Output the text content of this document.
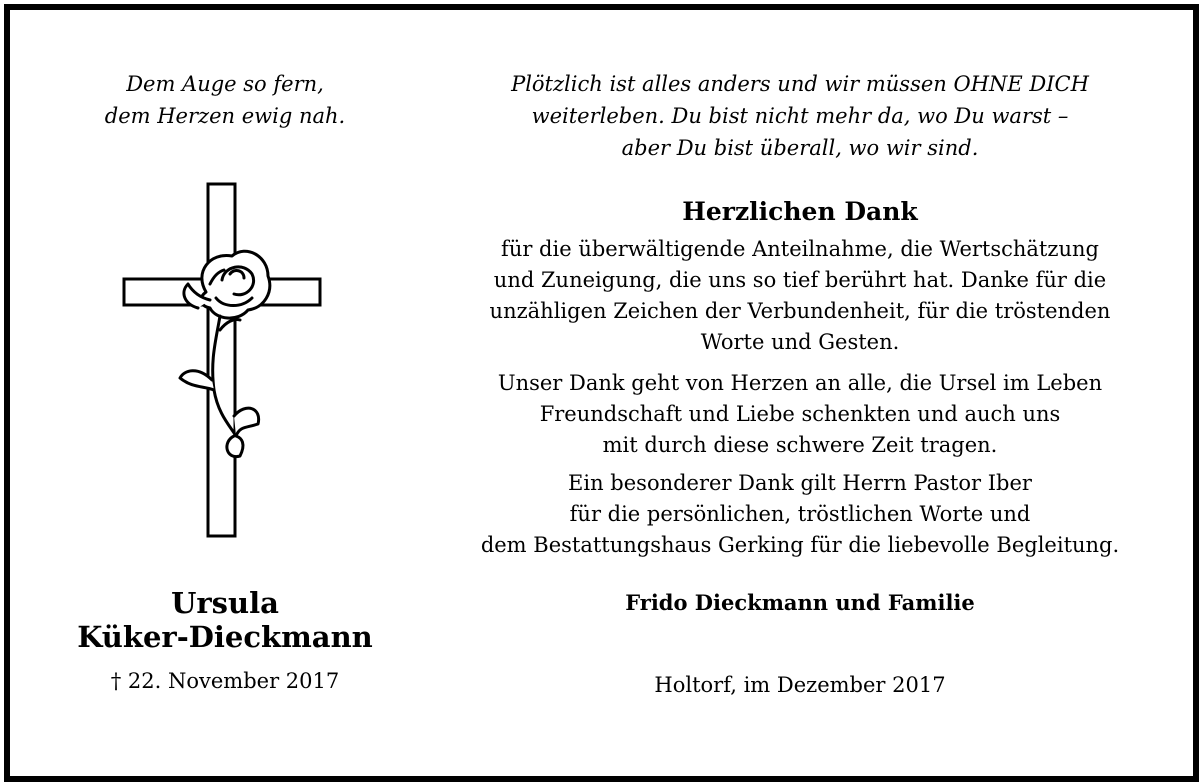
Dem Auge so fern,
dem Herzen ewig nah.
Ursula
Küker-Dieckmann
† 22. November 2017
Plötzlich ist alles anders und wir müssen OHNE DICH
weiterleben. Du bist nicht mehr da, wo Du warst –
aber Du bist überall, wo wir sind.
Herzlichen Dank
für die überwältigende Anteilnahme, die Wertschätzung
und Zuneigung, die uns so tief berührt hat. Danke für die
unzähligen Zeichen der Verbundenheit, für die tröstenden
Worte und Gesten.
Unser Dank geht von Herzen an alle, die Ursel im Leben
Freundschaft und Liebe schenkten und auch uns
mit durch diese schwere Zeit tragen.
Ein besonderer Dank gilt Herrn Pastor Iber
für die persönlichen, tröstlichen Worte und
dem Bestattungshaus Gerking für die liebevolle Begleitung.
Frido Dieckmann und Familie
Holtorf, im Dezember 2017
